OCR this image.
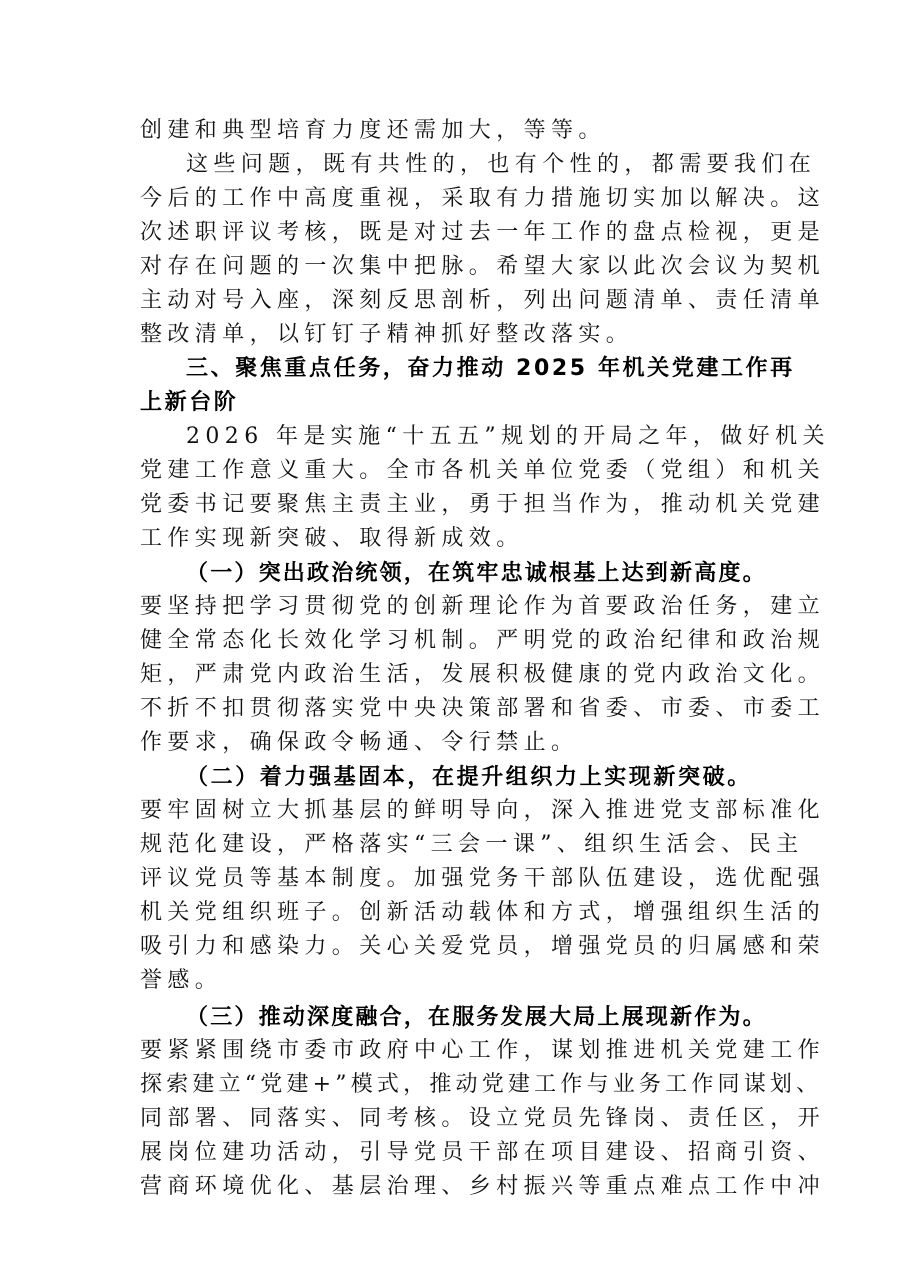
创建和典型培育力度还需加大，等等。
这些问题，既有共性的，也有个性的，都需要我们在
今后的工作中高度重视，采取有力措施切实加以解决。这
次述职评议考核，既是对过去一年工作的盘点检视，更是
对存在问题的一次集中把脉。希望大家以此次会议为契机
主动对号入座，深刻反思剖析，列出问题清单、责任清单
整改清单，以钉钉子精神抓好整改落实。
三、聚焦重点任务，奋力推动 2025 年机关党建工作再
上新台阶
2026 年是实施“十五五”规划的开局之年，做好机关
党建工作意义重大。全市各机关单位党委（党组）和机关
党委书记要聚焦主责主业，勇于担当作为，推动机关党建
工作实现新突破、取得新成效。
（一）突出政治统领，在筑牢忠诚根基上达到新高度。
要坚持把学习贯彻党的创新理论作为首要政治任务，建立
健全常态化长效化学习机制。严明党的政治纪律和政治规
矩，严肃党内政治生活，发展积极健康的党内政治文化。
不折不扣贯彻落实党中央决策部署和省委、市委、市委工
作要求，确保政令畅通、令行禁止。
（二）着力强基固本，在提升组织力上实现新突破。
要牢固树立大抓基层的鲜明导向，深入推进党支部标准化
规范化建设，严格落实“三会一课”、组织生活会、民主
评议党员等基本制度。加强党务干部队伍建设，选优配强
机关党组织班子。创新活动载体和方式，增强组织生活的
吸引力和感染力。关心关爱党员，增强党员的归属感和荣
誉感。
（三）推动深度融合，在服务发展大局上展现新作为。
要紧紧围绕市委市政府中心工作，谋划推进机关党建工作
探索建立“党建+”模式，推动党建工作与业务工作同谋划、
同部署、同落实、同考核。设立党员先锋岗、责任区，开
展岗位建功活动，引导党员干部在项目建设、招商引资、
营商环境优化、基层治理、乡村振兴等重点难点工作中冲
